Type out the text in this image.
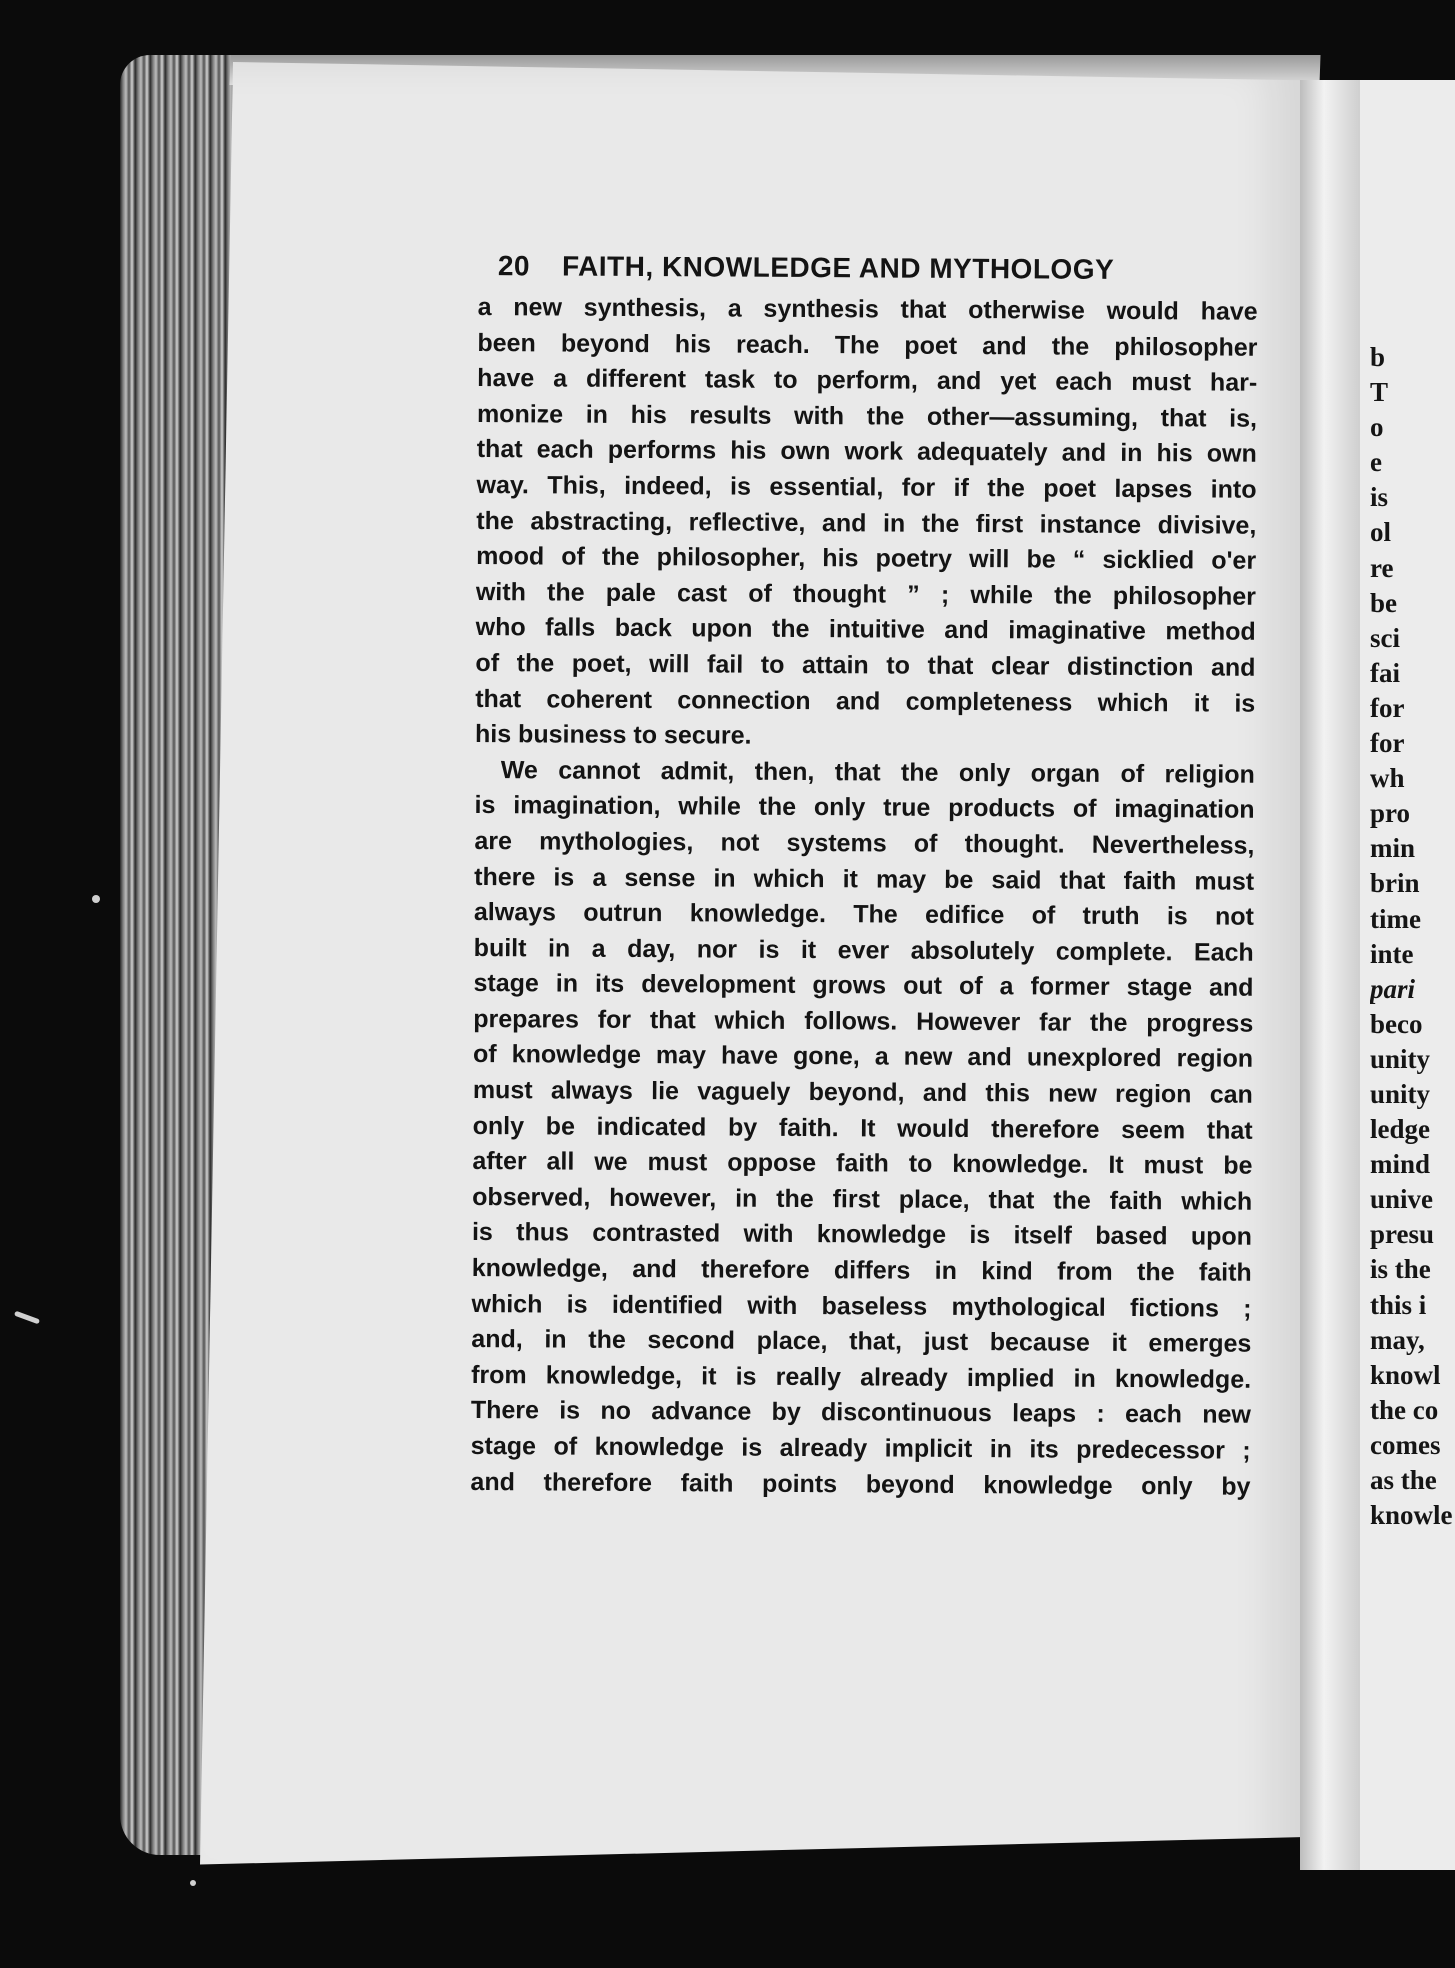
20 FAITH, KNOWLEDGE AND MYTHOLOGY
a new synthesis, a synthesis that otherwise would have
been beyond his reach. The poet and the philosopher
have a different task to perform, and yet each must har-
monize in his results with the other—assuming, that is,
that each performs his own work adequately and in his own
way. This, indeed, is essential, for if the poet lapses into
the abstracting, reflective, and in the first instance divisive,
mood of the philosopher, his poetry will be “ sicklied o'er
with the pale cast of thought ” ; while the philosopher
who falls back upon the intuitive and imaginative method
of the poet, will fail to attain to that clear distinction and
that coherent connection and completeness which it is
his business to secure.
We cannot admit, then, that the only organ of religion
is imagination, while the only true products of imagination
are mythologies, not systems of thought. Nevertheless,
there is a sense in which it may be said that faith must
always outrun knowledge. The edifice of truth is not
built in a day, nor is it ever absolutely complete. Each
stage in its development grows out of a former stage and
prepares for that which follows. However far the progress
of knowledge may have gone, a new and unexplored region
must always lie vaguely beyond, and this new region can
only be indicated by faith. It would therefore seem that
after all we must oppose faith to knowledge. It must be
observed, however, in the first place, that the faith which
is thus contrasted with knowledge is itself based upon
knowledge, and therefore differs in kind from the faith
which is identified with baseless mythological fictions ;
and, in the second place, that, just because it emerges
from knowledge, it is really already implied in knowledge.
There is no advance by discontinuous leaps : each new
stage of knowledge is already implicit in its predecessor ;
and therefore faith points beyond knowledge only by
b
T
o
e
is
ol
re
be
sci
fai
for
for
wh
pro
min
brin
time
inte
pari
beco
unity
unity
ledge
mind
unive
presu
is the
this i
may,
knowl
the co
comes
as the
knowle
